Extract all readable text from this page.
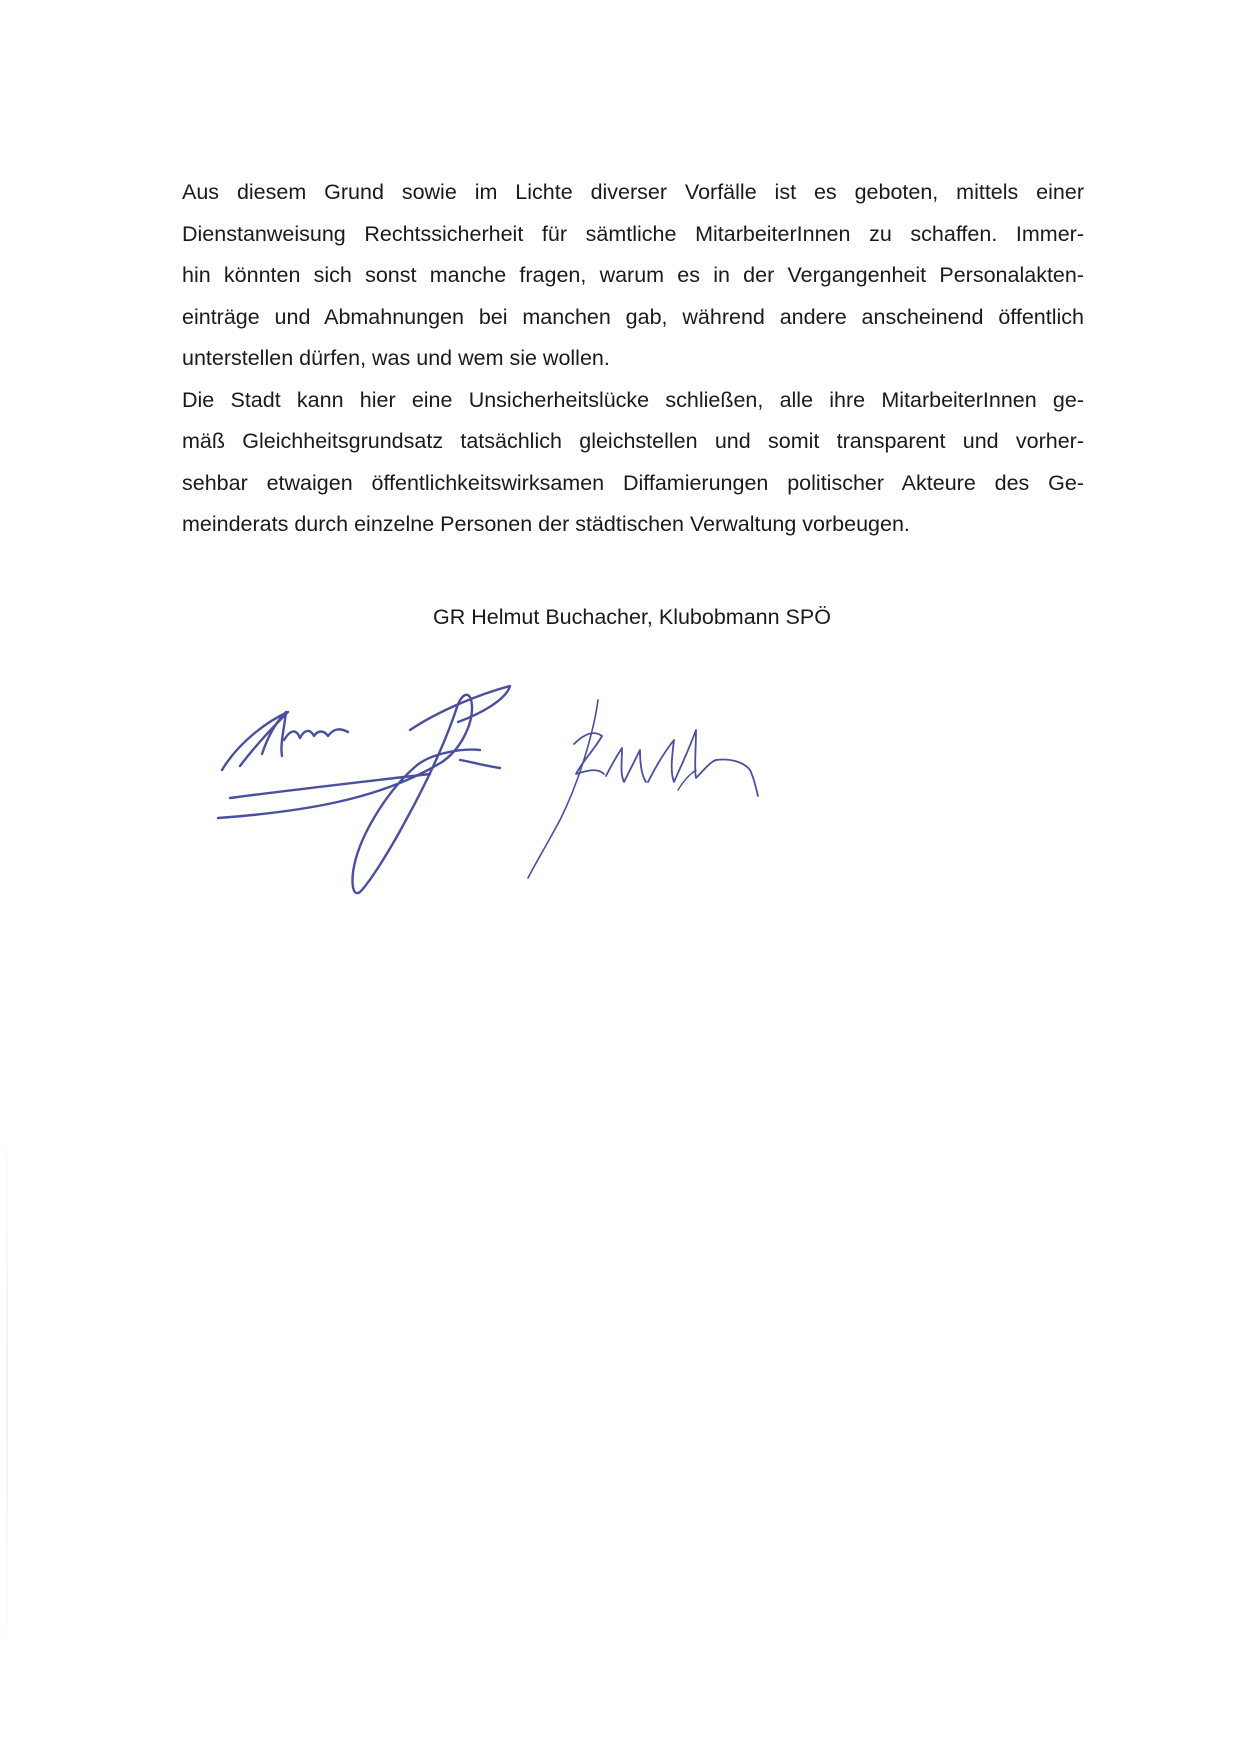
Aus diesem Grund sowie im Lichte diverser Vorfälle ist es geboten, mittels einer
Dienstanweisung Rechtssicherheit für sämtliche MitarbeiterInnen zu schaffen. Immer-
hin könnten sich sonst manche fragen, warum es in der Vergangenheit Personalakten-
einträge und Abmahnungen bei manchen gab, während andere anscheinend öffentlich
unterstellen dürfen, was und wem sie wollen.
Die Stadt kann hier eine Unsicherheitslücke schließen, alle ihre MitarbeiterInnen ge-
mäß Gleichheitsgrundsatz tatsächlich gleichstellen und somit transparent und vorher-
sehbar etwaigen öffentlichkeitswirksamen Diffamierungen politischer Akteure des Ge-
meinderats durch einzelne Personen der städtischen Verwaltung vorbeugen.
GR Helmut Buchacher, Klubobmann SPÖ
